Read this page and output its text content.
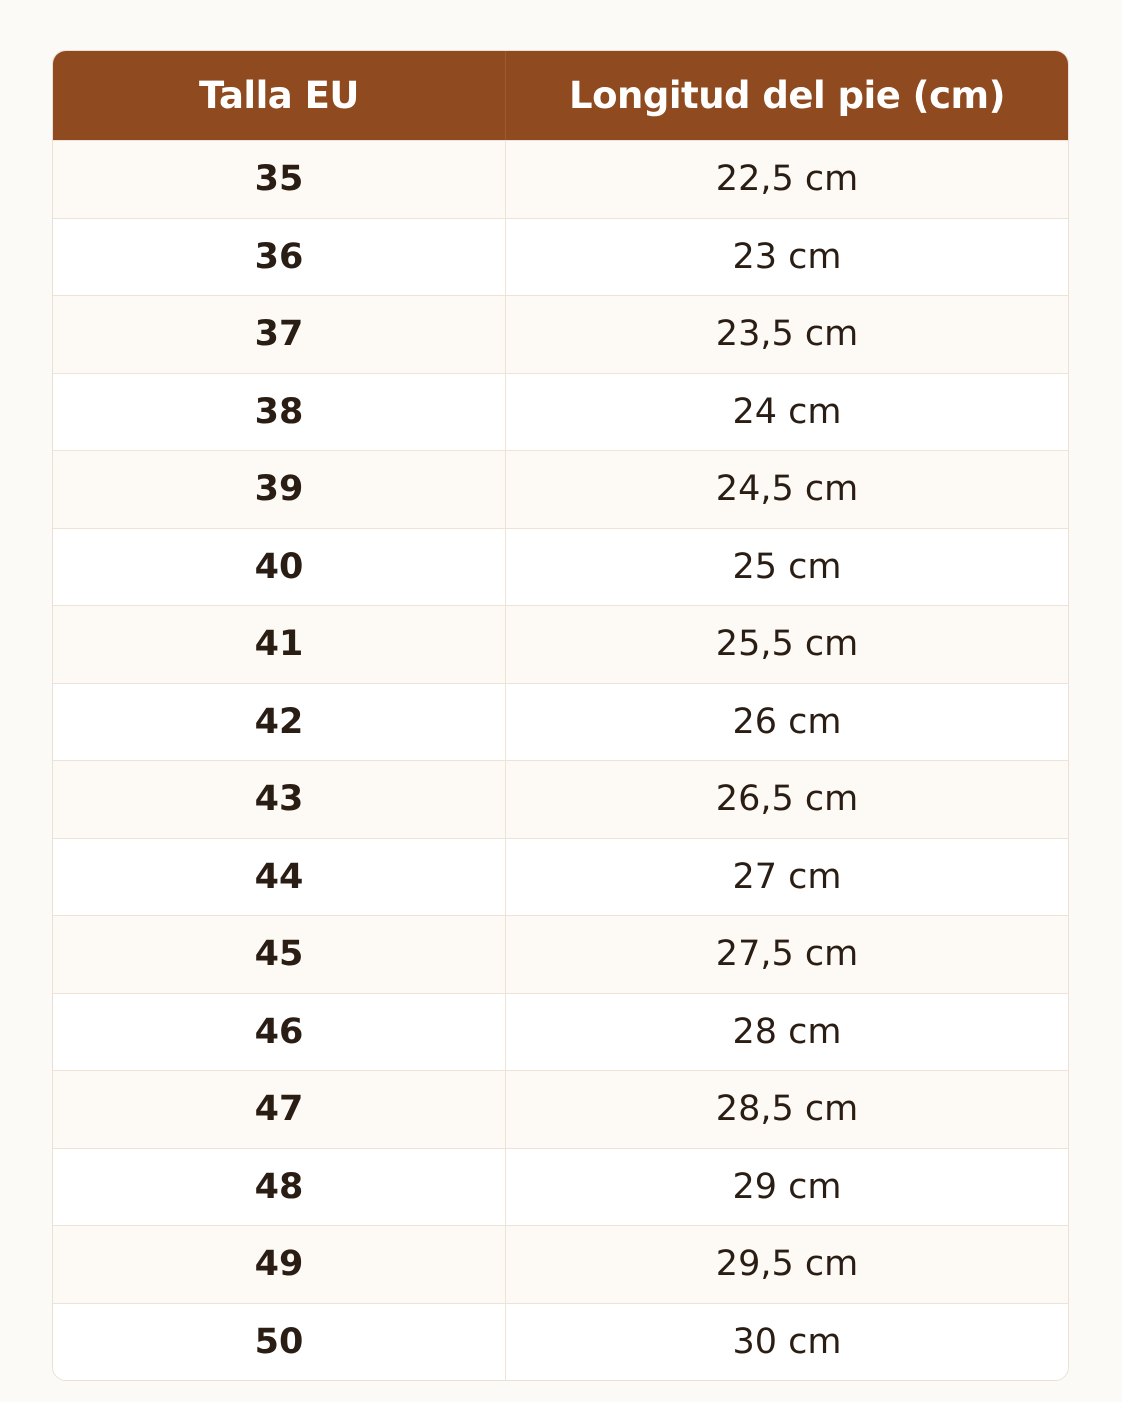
Talla EU	Longitud del pie (cm)
35	22,5 cm
36	23 cm
37	23,5 cm
38	24 cm
39	24,5 cm
40	25 cm
41	25,5 cm
42	26 cm
43	26,5 cm
44	27 cm
45	27,5 cm
46	28 cm
47	28,5 cm
48	29 cm
49	29,5 cm
50	30 cm
